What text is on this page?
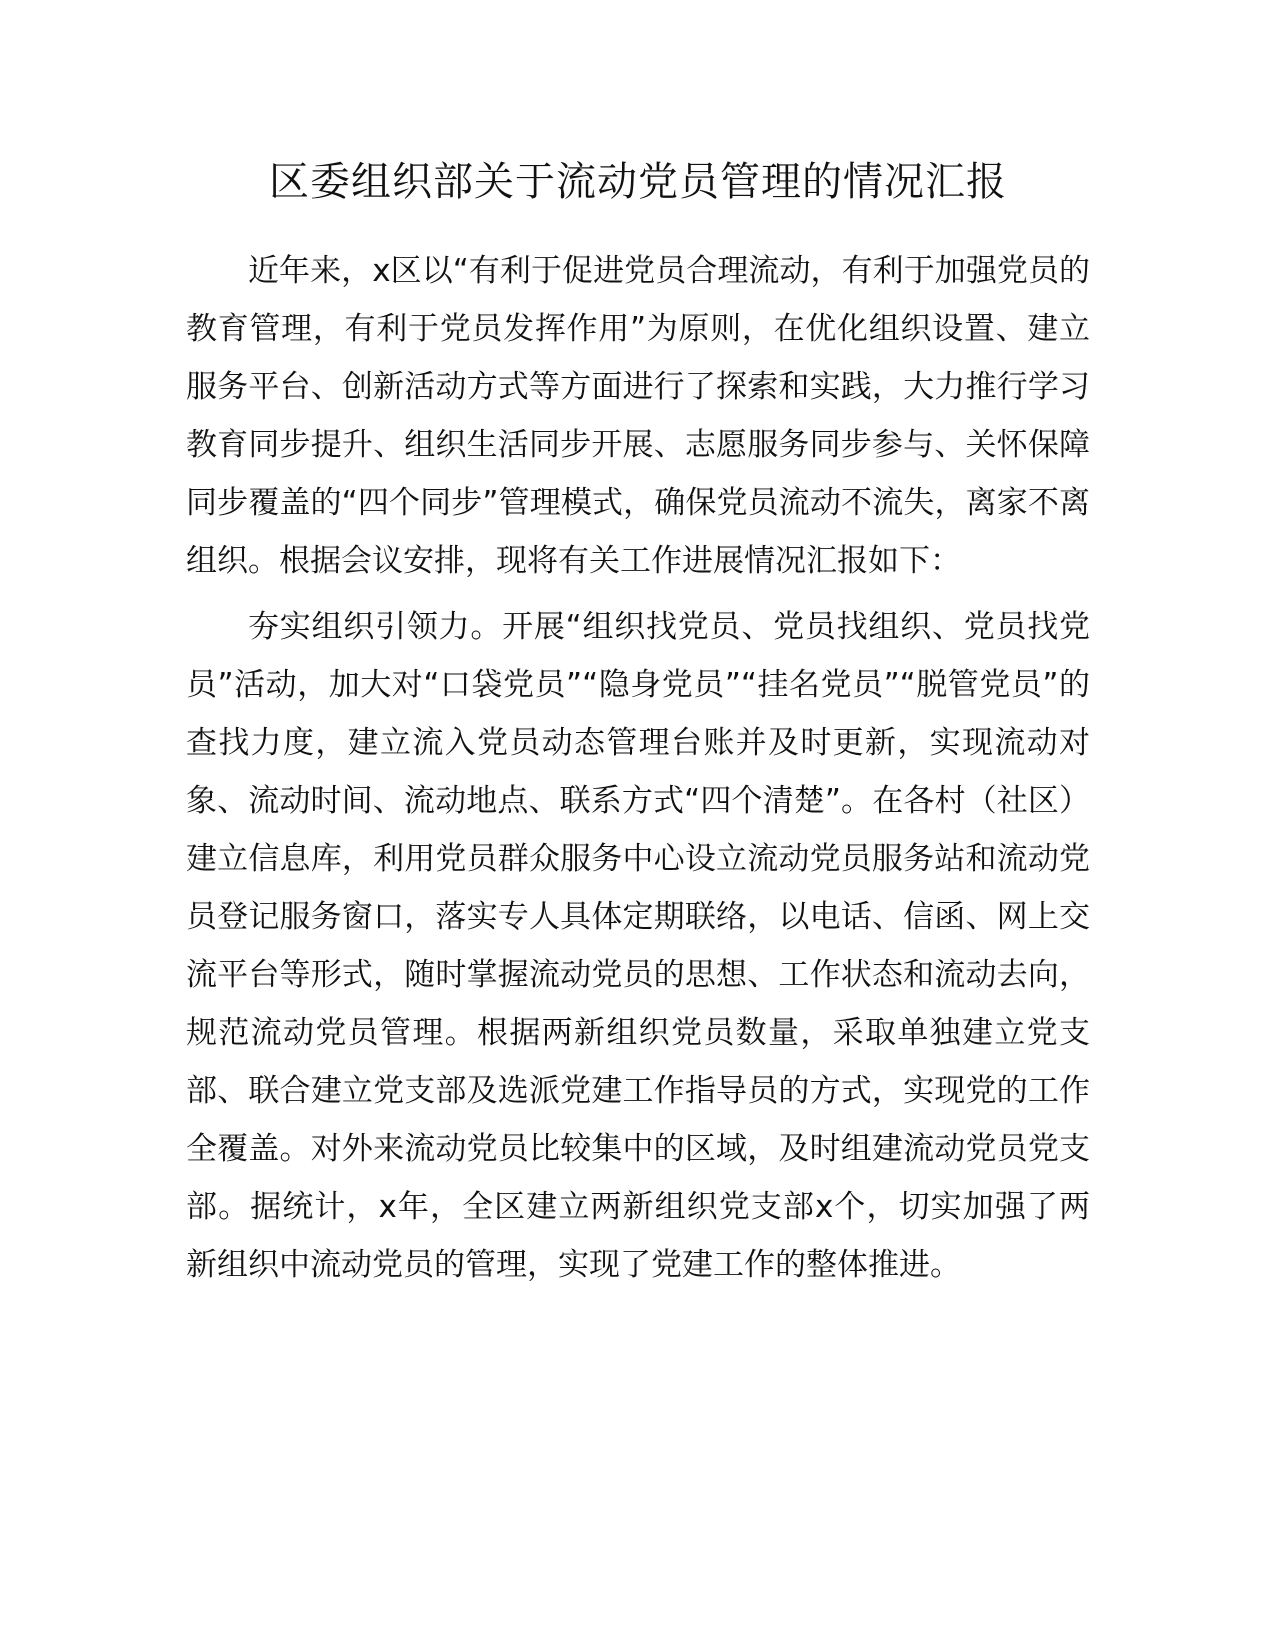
区委组织部关于流动党员管理的情况汇报

近年来，x区以“有利于促进党员合理流动，有利于加强党员的教育管理，有利于党员发挥作用”为原则，在优化组织设置、建立服务平台、创新活动方式等方面进行了探索和实践，大力推行学习教育同步提升、组织生活同步开展、志愿服务同步参与、关怀保障同步覆盖的“四个同步”管理模式，确保党员流动不流失，离家不离组织。根据会议安排，现将有关工作进展情况汇报如下：

夯实组织引领力。开展“组织找党员、党员找组织、党员找党员”活动，加大对“口袋党员”“隐身党员”“挂名党员”“脱管党员”的查找力度，建立流入党员动态管理台账并及时更新，实现流动对象、流动时间、流动地点、联系方式“四个清楚”。在各村（社区）建立信息库，利用党员群众服务中心设立流动党员服务站和流动党员登记服务窗口，落实专人具体定期联络，以电话、信函、网上交流平台等形式，随时掌握流动党员的思想、工作状态和流动去向，规范流动党员管理。根据两新组织党员数量，采取单独建立党支部、联合建立党支部及选派党建工作指导员的方式，实现党的工作全覆盖。对外来流动党员比较集中的区域，及时组建流动党员党支部。据统计，x年，全区建立两新组织党支部x个，切实加强了两新组织中流动党员的管理，实现了党建工作的整体推进。
